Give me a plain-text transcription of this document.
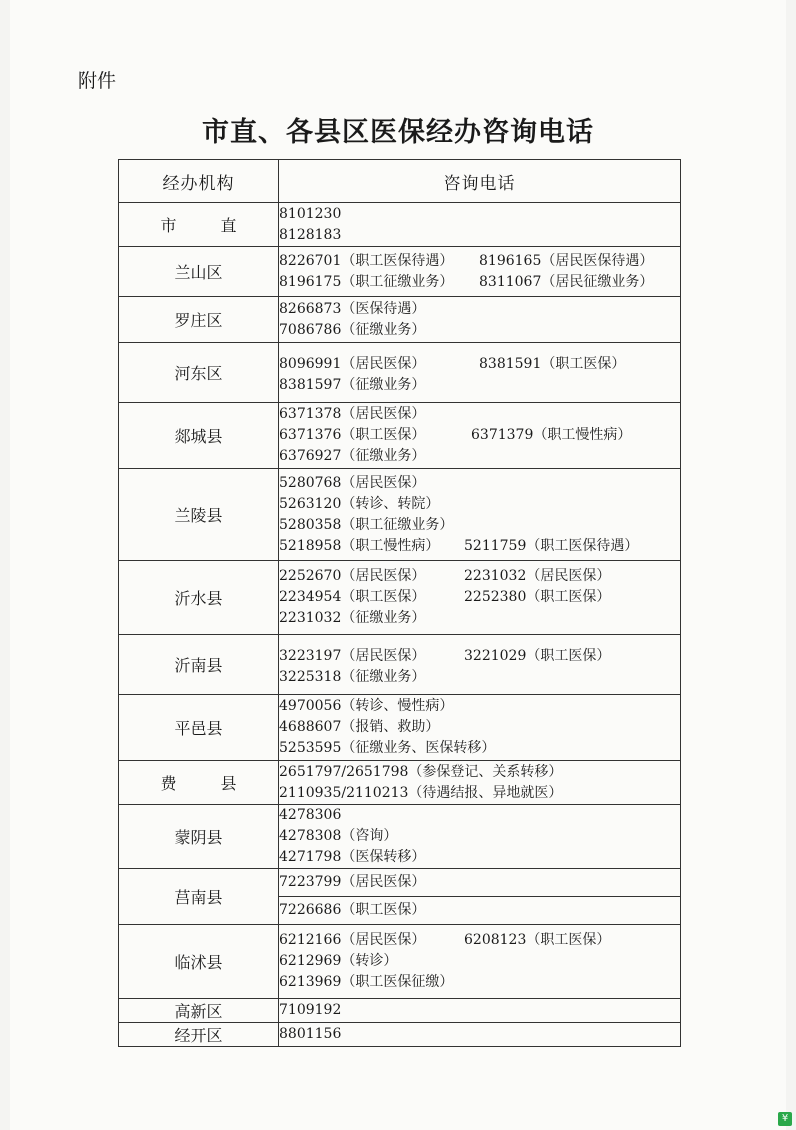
附件
市直、各县区医保经办咨询电话
经办机构	咨询电话
市　直	8101230
8128183

兰山区	8226701（职工医保待遇） 8196165（居民医保待遇）
8196175（职工征缴业务） 8311067（居民征缴业务）

罗庄区	8266873（医保待遇）
7086786（征缴业务）

河东区	8096991（居民医保） 8381591（职工医保）
8381597（征缴业务）

郯城县	6371378（居民医保）
6371376（职工医保） 6371379（职工慢性病）
6376927（征缴业务）

兰陵县	5280768（居民医保）
5263120（转诊、转院）
5280358（职工征缴业务）
5218958（职工慢性病） 5211759（职工医保待遇）

沂水县	2252670（居民医保） 2231032（居民医保）
2234954（职工医保） 2252380（职工医保）
2231032（征缴业务）

沂南县	3223197（居民医保） 3221029（职工医保）
3225318（征缴业务）

平邑县	4970056（转诊、慢性病）
4688607（报销、救助）
5253595（征缴业务、医保转移）

费　县	2651797/2651798（参保登记、关系转移）
2110935/2110213（待遇结报、异地就医）

蒙阴县	4278306
4278308（咨询）
4271798（医保转移）

莒南县	7223799（居民医保）

	7226686（职工医保）

临沭县	6212166（居民医保） 6208123（职工医保）
6212969（转诊）
6213969（职工医保征缴）

高新区	7109192

经开区	8801156
¥
